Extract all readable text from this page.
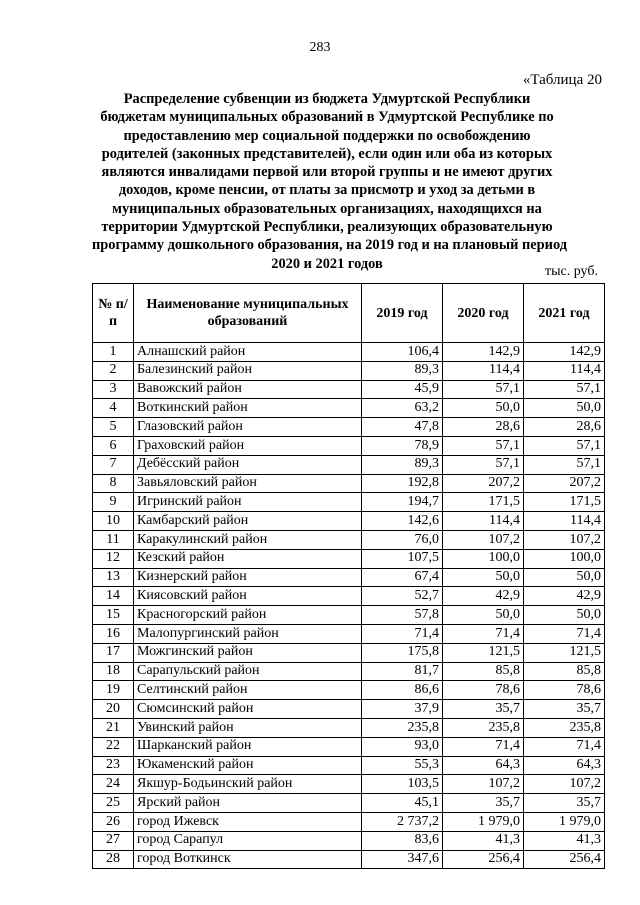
283
«Таблица 20
Распределение субвенции из бюджета Удмуртской Республики
бюджетам муниципальных образований в Удмуртской Республике по
предоставлению мер социальной поддержки по освобождению
родителей (законных представителей), если один или оба из которых
являются инвалидами первой или второй группы и не имеют других
доходов, кроме пенсии, от платы за присмотр и уход за детьми в
муниципальных образовательных организациях, находящихся на
территории Удмуртской Республики, реализующих образовательную
программу дошкольного образования, на 2019 год и на плановый период
2020 и 2021 годов	тыс. руб.
№ п/п	Наименование муниципальных образований	2019 год	2020 год	2021 год
1	Алнашский район	106,4	142,9	142,9
2	Балезинский район	89,3	114,4	114,4
3	Вавожский район	45,9	57,1	57,1
4	Воткинский район	63,2	50,0	50,0
5	Глазовский район	47,8	28,6	28,6
6	Граховский район	78,9	57,1	57,1
7	Дебёсский район	89,3	57,1	57,1
8	Завьяловский район	192,8	207,2	207,2
9	Игринский район	194,7	171,5	171,5
10	Камбарский район	142,6	114,4	114,4
11	Каракулинский район	76,0	107,2	107,2
12	Кезский район	107,5	100,0	100,0
13	Кизнерский район	67,4	50,0	50,0
14	Киясовский район	52,7	42,9	42,9
15	Красногорский район	57,8	50,0	50,0
16	Малопургинский район	71,4	71,4	71,4
17	Можгинский район	175,8	121,5	121,5
18	Сарапульский район	81,7	85,8	85,8
19	Селтинский район	86,6	78,6	78,6
20	Сюмсинский район	37,9	35,7	35,7
21	Увинский район	235,8	235,8	235,8
22	Шарканский район	93,0	71,4	71,4
23	Юкаменский район	55,3	64,3	64,3
24	Якшур-Бодьинский район	103,5	107,2	107,2
25	Ярский район	45,1	35,7	35,7
26	город Ижевск	2 737,2	1 979,0	1 979,0
27	город Сарапул	83,6	41,3	41,3
28	город Воткинск	347,6	256,4	256,4
